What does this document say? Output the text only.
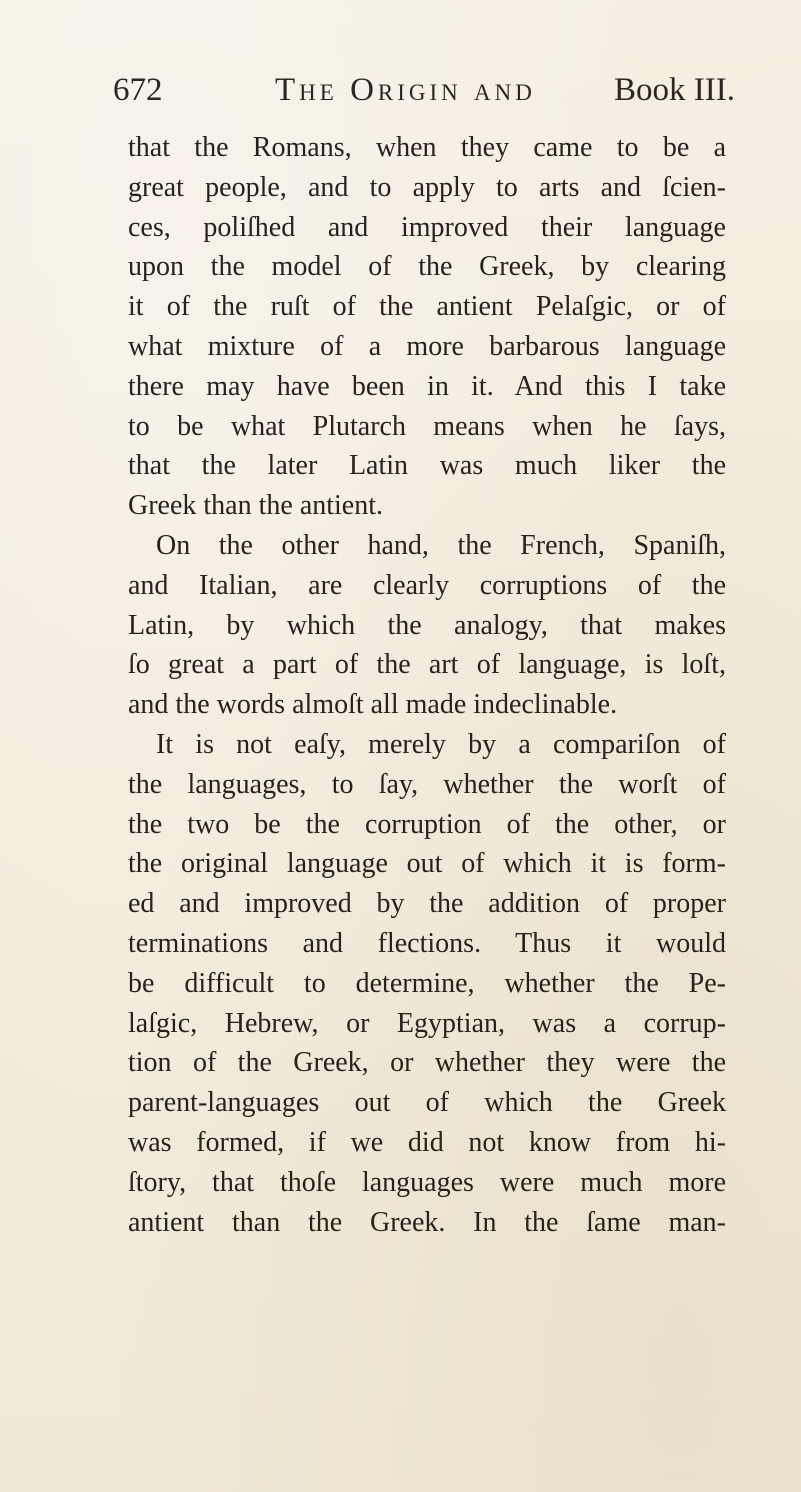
672	The Origin and Book III.
that the Romans, when they came to be a
great people, and to apply to arts and ſcien-
ces, poliſhed and improved their language
upon the model of the Greek, by clearing
it of the ruſt of the antient Pelaſgic, or of
what mixture of a more barbarous language
there may have been in it. And this I take
to be what Plutarch means when he ſays,
that the later Latin was much liker the
Greek than the antient.
On the other hand, the French, Spaniſh,
and Italian, are clearly corruptions of the
Latin, by which the analogy, that makes
ſo great a part of the art of language, is loſt,
and the words almoſt all made indeclinable.
It is not eaſy, merely by a compariſon of
the languages, to ſay, whether the worſt of
the two be the corruption of the other, or
the original language out of which it is form-
ed and improved by the addition of proper
terminations and flections. Thus it would
be difficult to determine, whether the Pe-
laſgic, Hebrew, or Egyptian, was a corrup-
tion of the Greek, or whether they were the
parent-languages out of which the Greek
was formed, if we did not know from hi-
ſtory, that thoſe languages were much more
antient than the Greek. In the ſame man-
